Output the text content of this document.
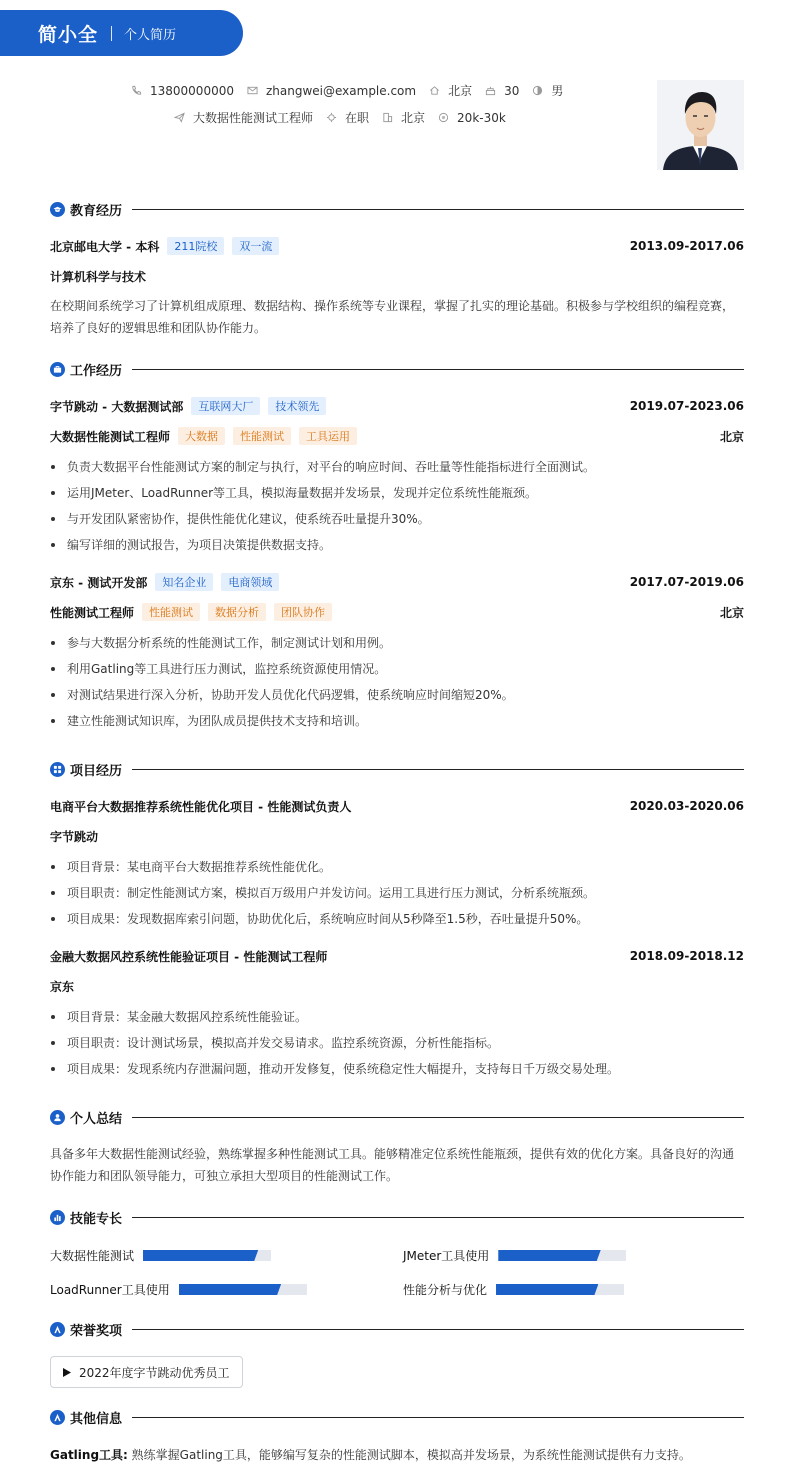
简小全 个人简历
13800000000	zhangwei@example.com	北京	30	男
大数据性能测试工程师	在职	北京	20k-30k
教育经历
北京邮电大学 - 本科	211院校	双一流	2013.09-2017.06
计算机科学与技术
在校期间系统学习了计算机组成原理、数据结构、操作系统等专业课程，掌握了扎实的理论基础。积极参与学校组织的编程竞赛，培养了良好的逻辑思维和团队协作能力。
工作经历
字节跳动 - 大数据测试部	互联网大厂	技术领先	2019.07-2023.06
大数据性能测试工程师	大数据	性能测试	工具运用	北京
负责大数据平台性能测试方案的制定与执行，对平台的响应时间、吞吐量等性能指标进行全面测试。
运用JMeter、LoadRunner等工具，模拟海量数据并发场景，发现并定位系统性能瓶颈。
与开发团队紧密协作，提供性能优化建议，使系统吞吐量提升30%。
编写详细的测试报告，为项目决策提供数据支持。
京东 - 测试开发部	知名企业	电商领域	2017.07-2019.06
性能测试工程师	性能测试	数据分析	团队协作	北京
参与大数据分析系统的性能测试工作，制定测试计划和用例。
利用Gatling等工具进行压力测试，监控系统资源使用情况。
对测试结果进行深入分析，协助开发人员优化代码逻辑，使系统响应时间缩短20%。
建立性能测试知识库，为团队成员提供技术支持和培训。
项目经历
电商平台大数据推荐系统性能优化项目 - 性能测试负责人	2020.03-2020.06
字节跳动
项目背景：某电商平台大数据推荐系统性能优化。
项目职责：制定性能测试方案，模拟百万级用户并发访问。运用工具进行压力测试，分析系统瓶颈。
项目成果：发现数据库索引问题，协助优化后，系统响应时间从5秒降至1.5秒，吞吐量提升50%。
金融大数据风控系统性能验证项目 - 性能测试工程师	2018.09-2018.12
京东
项目背景：某金融大数据风控系统性能验证。
项目职责：设计测试场景，模拟高并发交易请求。监控系统资源，分析性能指标。
项目成果：发现系统内存泄漏问题，推动开发修复，使系统稳定性大幅提升，支持每日千万级交易处理。
个人总结
具备多年大数据性能测试经验，熟练掌握多种性能测试工具。能够精准定位系统性能瓶颈，提供有效的优化方案。具备良好的沟通协作能力和团队领导能力，可独立承担大型项目的性能测试工作。
技能专长
大数据性能测试	JMeter工具使用
LoadRunner工具使用	性能分析与优化
荣誉奖项
2022年度字节跳动优秀员工
其他信息
Gatling工具: 熟练掌握Gatling工具，能够编写复杂的性能测试脚本，模拟高并发场景，为系统性能测试提供有力支持。
